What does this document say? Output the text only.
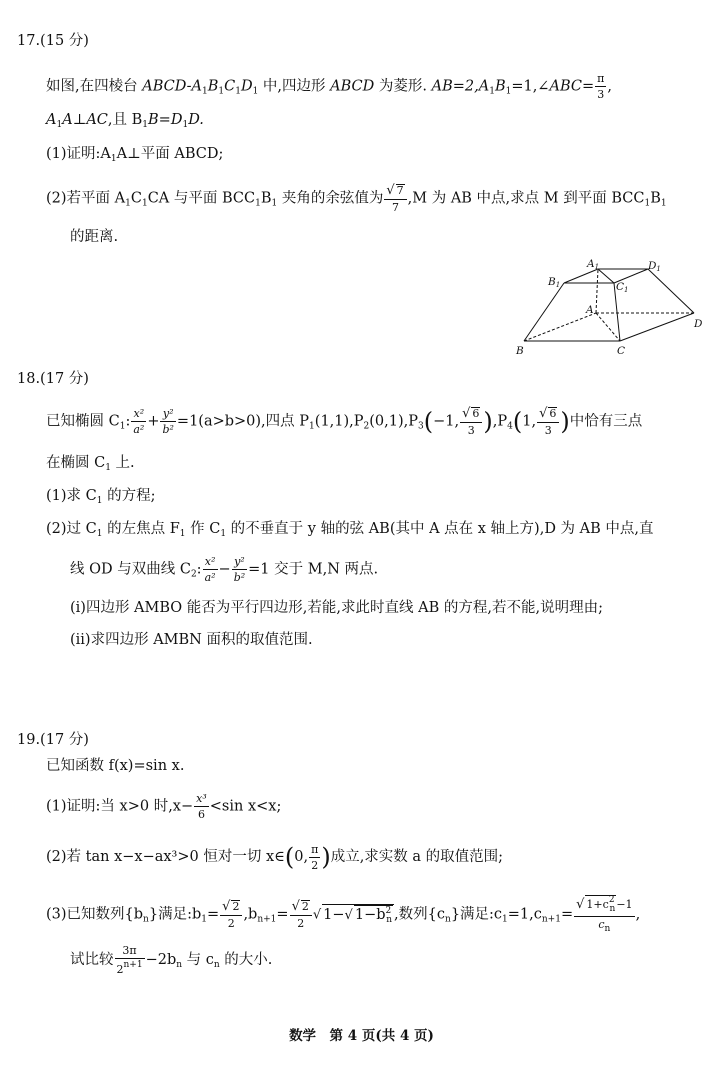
17.(15 分)
如图,在四棱台 ABCD-$A_1B_1C_1D_1$ 中,四边形 ABCD 为菱形. $AB=2,A_1B_1=1,\angle ABC= \frac{\pi}{3}$ ,
$A_1A\perp AC$,且 $B_1B=D_1D$.
(1)证明$:A_1A\perp$平面 ABCD;
(2)若平面 $A_1C_1CA$ 与平面 $BCC_1B_1$ 夹角的余弦值为 $\frac{√ 7}{7} ,M$ 为 AB 中点,求点 M 到平面 $BCC_1B_1$
的距离.
B	C
D
A
B1	C1
D1
A1
18.(17 分)
已知椭圆 $C_1$: $\frac{\text{x²}}{\text{a²}} + \frac{\text{y²}}{\text{b²}} =1(a>b>0)$,四点 $P_1(1,1),P_2(0,1),P_3(-1$, $\frac{√ 6}{3} ),P_4(1$, $\frac{√ 6}{3}$ )中恰有三点
在椭圆 $C_1$ 上.
(1)求 $C_1$ 的方程;
(2)过 $C_1$ 的左焦点 $F_1$ 作 $C_1$ 的不垂直于 y 轴的弦 AB(其中 A 点在 x 轴上方),D 为 AB 中点,直
线 OD 与双曲线 $C_2$: $\frac{\text{x²}}{\text{a²}} - \frac{\text{y²}}{\text{b²}} =1$ 交于 M,N 两点.
(i)四边形 AMBO 能否为平行四边形,若能,求此时直线 AB 的方程,若不能,说明理由;
(ii)求四边形 AMBN 面积的取值范围.
19.(17 分)
已知函数 f(x)=sin x.
(1)证明:当 x>0 时$,x- \frac{\text{x³}}{6} <\sin$ x<x;
(2)若 tan x−x−ax³>0 恒对一切 x∈(0, $\frac{\pi}{2}$ )成立,求实数 a 的取值范围;
(3)已知数列$\{b_n\}$满足$:b_1= \frac{√ 2}{2} ,b_{n+1}= \frac{√ 2}{2}$ √ 1−√ $1-b^2_n$ ,数列$\{c_n\}$满足$:c_1=1,c_{n+1}= \frac{√ 1+c^2_n-1}{c_n}$ ,
试比较 $\frac{3\pi}{2^{n+1}} -2b_n$ 与 $c_n$ 的大小.
数学　第 4 页(共 4 页)
